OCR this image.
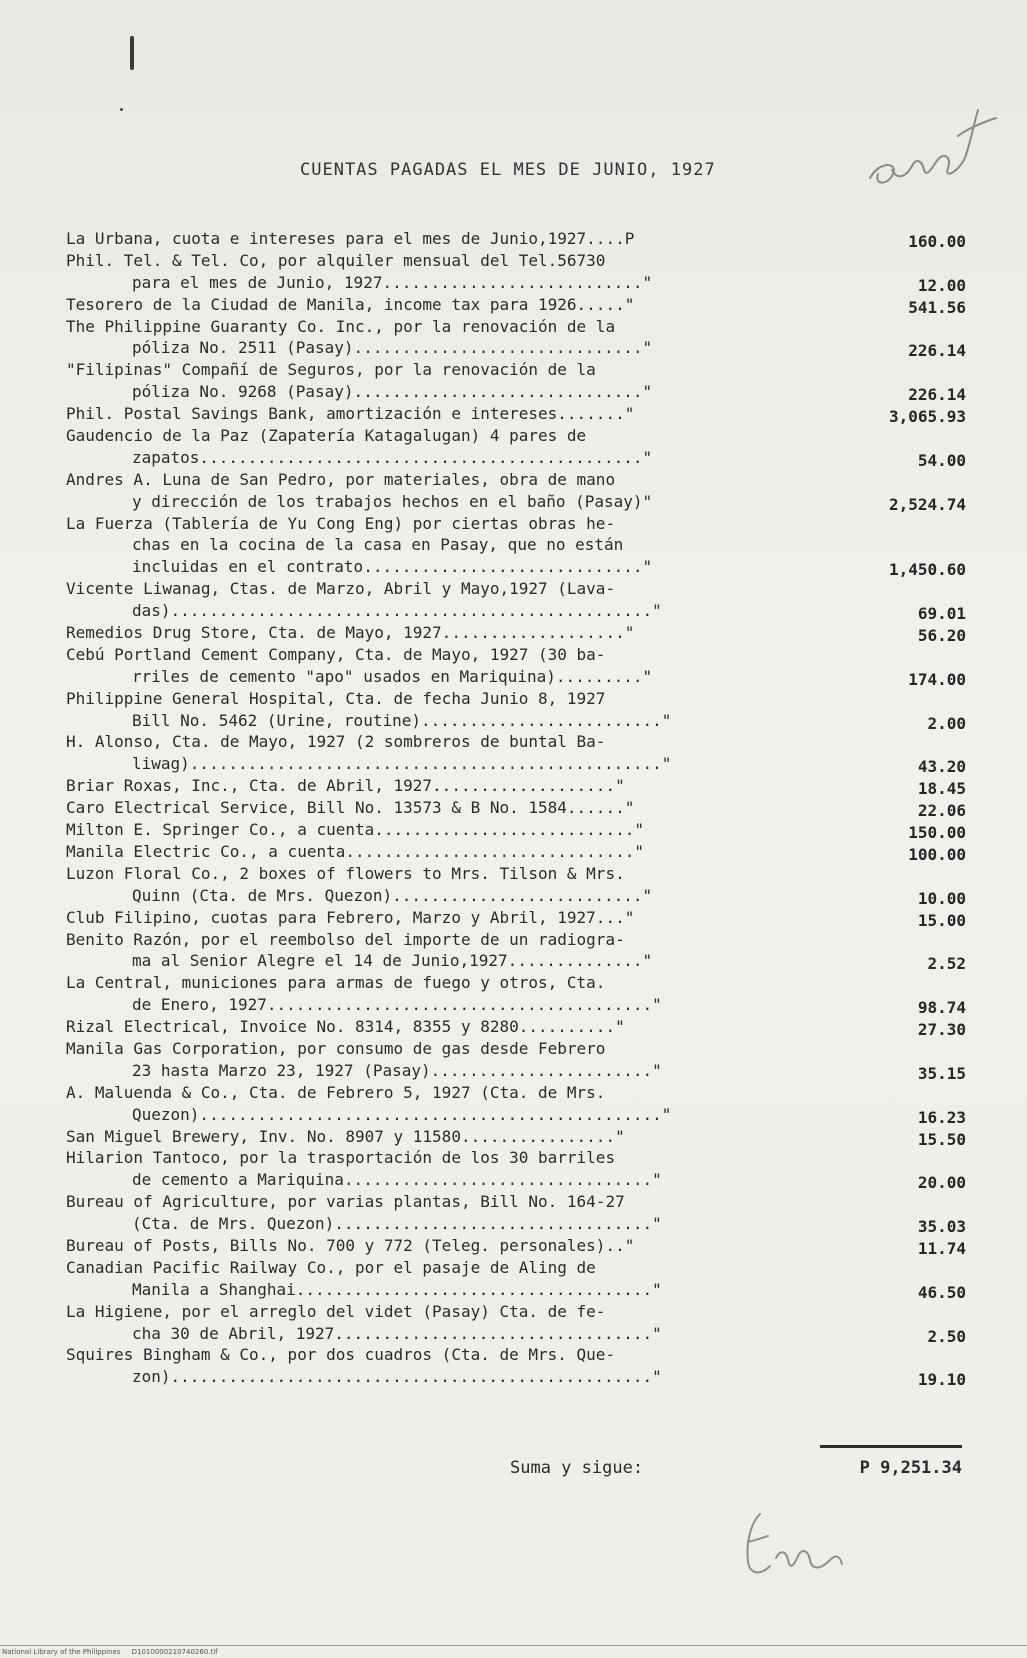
CUENTAS PAGADAS EL MES DE JUNIO, 1927
La Urbana, cuota e intereses para el mes de Junio,1927....P	160.00
Phil. Tel. & Tel. Co, por alquiler mensual del Tel.56730
para el mes de Junio, 1927..........................."	12.00
Tesorero de la Ciudad de Manila, income tax para 1926....."	541.56
The Philippine Guaranty Co. Inc., por la renovación de la
póliza No. 2511 (Pasay).............................."	226.14
"Filipinas" Compañí de Seguros, por la renovación de la
póliza No. 9268 (Pasay).............................."	226.14
Phil. Postal Savings Bank, amortización e intereses......."	3,065.93
Gaudencio de la Paz (Zapatería Katagalugan) 4 pares de
zapatos.............................................."	54.00
Andres A. Luna de San Pedro, por materiales, obra de mano
y dirección de los trabajos hechos en el baño (Pasay)"	2,524.74
La Fuerza (Tablería de Yu Cong Eng) por ciertas obras he-
chas en la cocina de la casa en Pasay, que no están
incluidas en el contrato............................."	1,450.60
Vicente Liwanag, Ctas. de Marzo, Abril y Mayo,1927 (Lava-
das).................................................."	69.01
Remedios Drug Store, Cta. de Mayo, 1927..................."	56.20
Cebú Portland Cement Company, Cta. de Mayo, 1927 (30 ba-
rriles de cemento "apo" usados en Mariquina)........."	174.00
Philippine General Hospital, Cta. de fecha Junio 8, 1927
Bill No. 5462 (Urine, routine)........................."	2.00
H. Alonso, Cta. de Mayo, 1927 (2 sombreros de buntal Ba-
liwag)................................................."	43.20
Briar Roxas, Inc., Cta. de Abril, 1927..................."	18.45
Caro Electrical Service, Bill No. 13573 & B No. 1584......"	22.06
Milton E. Springer Co., a cuenta..........................."	150.00
Manila Electric Co., a cuenta.............................."	100.00
Luzon Floral Co., 2 boxes of flowers to Mrs. Tilson & Mrs.
Quinn (Cta. de Mrs. Quezon).........................."	10.00
Club Filipino, cuotas para Febrero, Marzo y Abril, 1927..."	15.00
Benito Razón, por el reembolso del importe de un radiogra-
ma al Senior Alegre el 14 de Junio,1927.............."	2.52
La Central, municiones para armas de fuego y otros, Cta.
de Enero, 1927........................................"	98.74
Rizal Electrical, Invoice No. 8314, 8355 y 8280.........."	27.30
Manila Gas Corporation, por consumo de gas desde Febrero
23 hasta Marzo 23, 1927 (Pasay)......................."	35.15
A. Maluenda & Co., Cta. de Febrero 5, 1927 (Cta. de Mrs.
Quezon)................................................"	16.23
San Miguel Brewery, Inv. No. 8907 y 11580................"	15.50
Hilarion Tantoco, por la trasportación de los 30 barriles
de cemento a Mariquina................................"	20.00
Bureau of Agriculture, por varias plantas, Bill No. 164-27
(Cta. de Mrs. Quezon)................................."	35.03
Bureau of Posts, Bills No. 700 y 772 (Teleg. personales).."	11.74
Canadian Pacific Railway Co., por el pasaje de Aling de
Manila a Shanghai....................................."	46.50
La Higiene, por el arreglo del videt (Pasay) Cta. de fe-
cha 30 de Abril, 1927................................."	2.50
Squires Bingham & Co., por dos cuadros (Cta. de Mrs. Que-
zon).................................................."	19.10
Suma y sigue:	P 9,251.34
National Library of the Philippines     D1010000210740260.tif
